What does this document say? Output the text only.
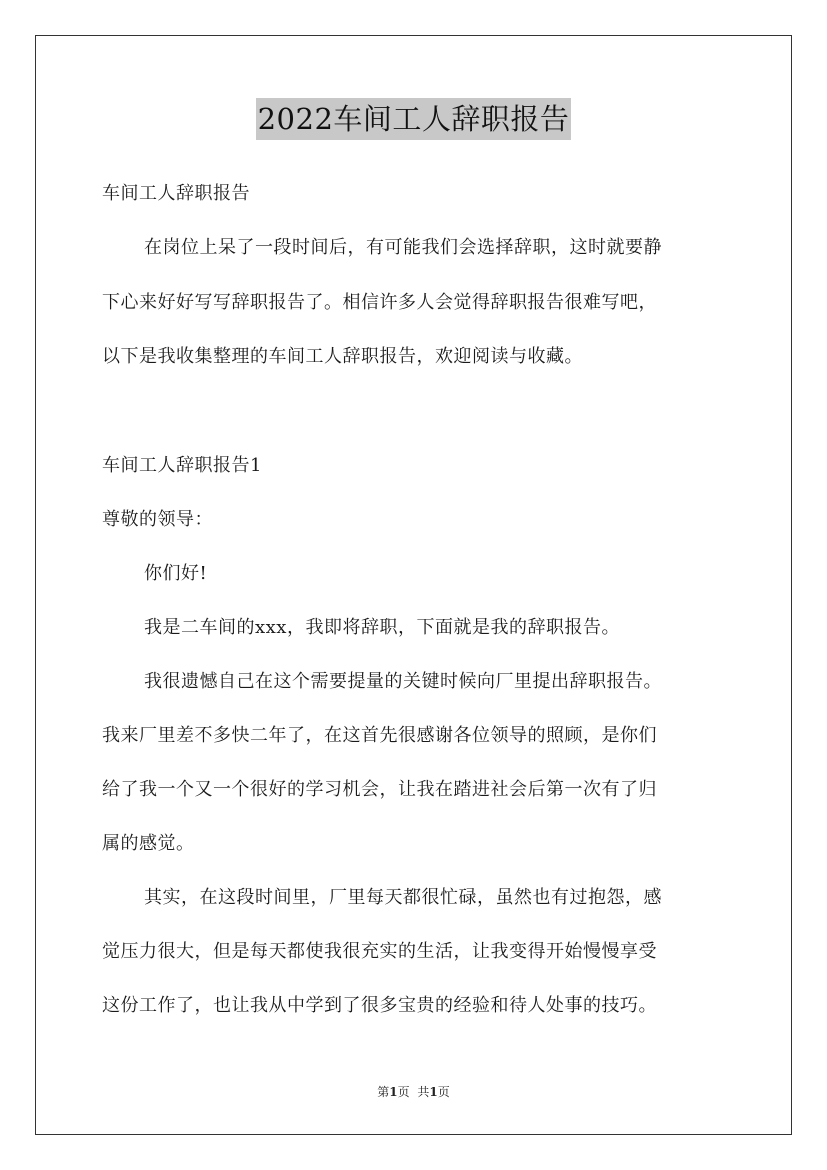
2022车间工人辞职报告
车间工人辞职报告
在岗位上呆了一段时间后，有可能我们会选择辞职，这时就要静
下心来好好写写辞职报告了。相信许多人会觉得辞职报告很难写吧，
以下是我收集整理的车间工人辞职报告，欢迎阅读与收藏。
车间工人辞职报告1
尊敬的领导：
你们好!
我是二车间的xxx，我即将辞职，下面就是我的辞职报告。
我很遗憾自己在这个需要提量的关键时候向厂里提出辞职报告。
我来厂里差不多快二年了，在这首先很感谢各位领导的照顾，是你们
给了我一个又一个很好的学习机会，让我在踏进社会后第一次有了归
属的感觉。
其实，在这段时间里，厂里每天都很忙碌，虽然也有过抱怨，感
觉压力很大，但是每天都使我很充实的生活，让我变得开始慢慢享受
这份工作了，也让我从中学到了很多宝贵的经验和待人处事的技巧。
第1页 共1页
